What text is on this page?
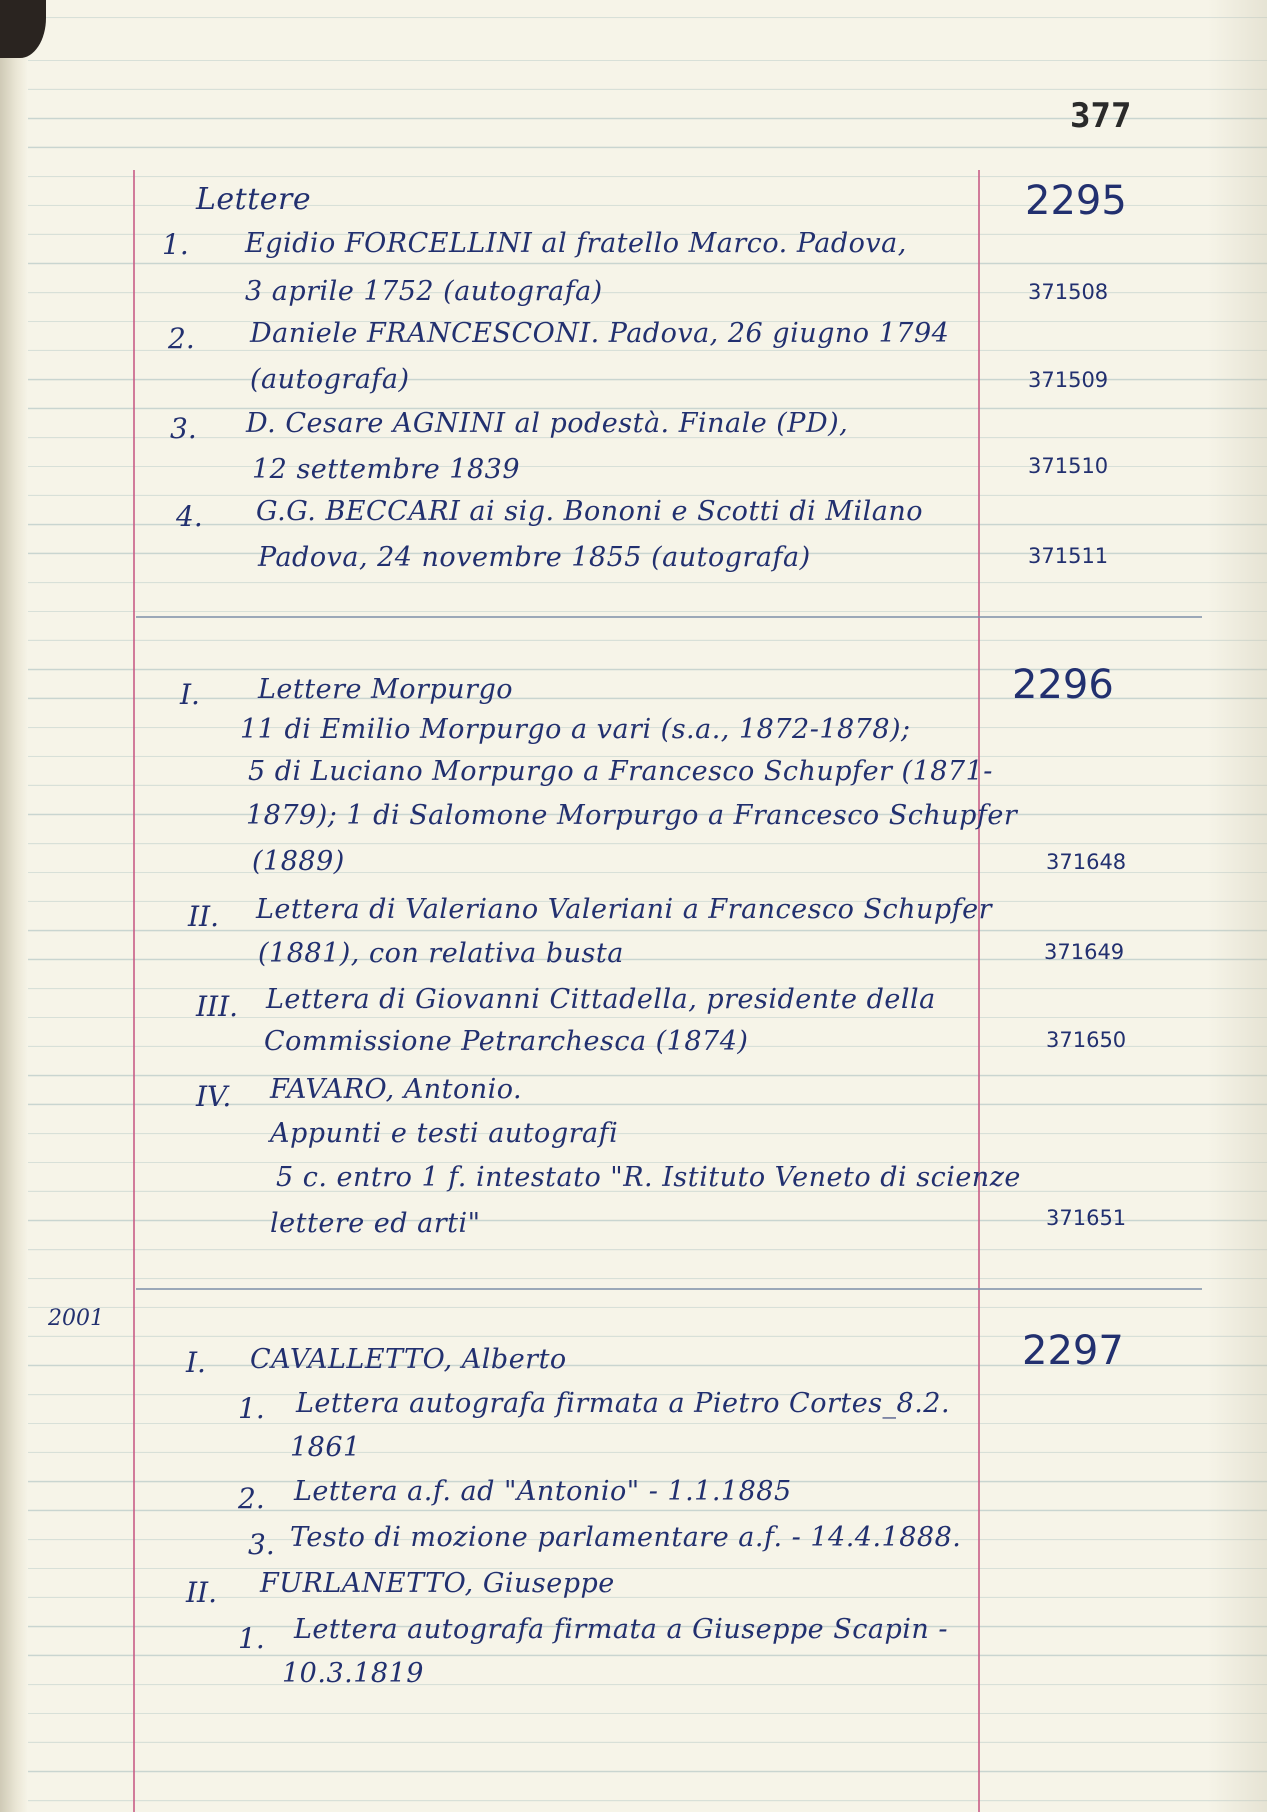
377
2295
Lettere
1. Egidio FORCELLINI al fratello Marco. Padova,
3 aprile 1752 (autografa)	371508
2. Daniele FRANCESCONI. Padova, 26 giugno 1794
(autografa)	371509
3. D. Cesare AGNINI al podestà. Finale (PD),
12 settembre 1839	371510
4. G.G. BECCARI ai sig. Bononi e Scotti di Milano
Padova, 24 novembre 1855 (autografa)	371511
2296
I. Lettere Morpurgo
11 di Emilio Morpurgo a vari (s.a., 1872-1878);
5 di Luciano Morpurgo a Francesco Schupfer (1871-
1879); 1 di Salomone Morpurgo a Francesco Schupfer
(1889)	371648
II. Lettera di Valeriano Valeriani a Francesco Schupfer
(1881), con relativa busta	371649
III. Lettera di Giovanni Cittadella, presidente della
Commissione Petrarchesca (1874)	371650
IV. FAVARO, Antonio.
Appunti e testi autografi
5 c. entro 1 f. intestato "R. Istituto Veneto di scienze
lettere ed arti"	371651
2001
2297
I. CAVALLETTO, Alberto
1. Lettera autografa firmata a Pietro Cortes_8.2.
1861
2. Lettera a.f. ad "Antonio" - 1.1.1885
3. Testo di mozione parlamentare a.f. - 14.4.1888.
II. FURLANETTO, Giuseppe
1. Lettera autografa firmata a Giuseppe Scapin -
10.3.1819
